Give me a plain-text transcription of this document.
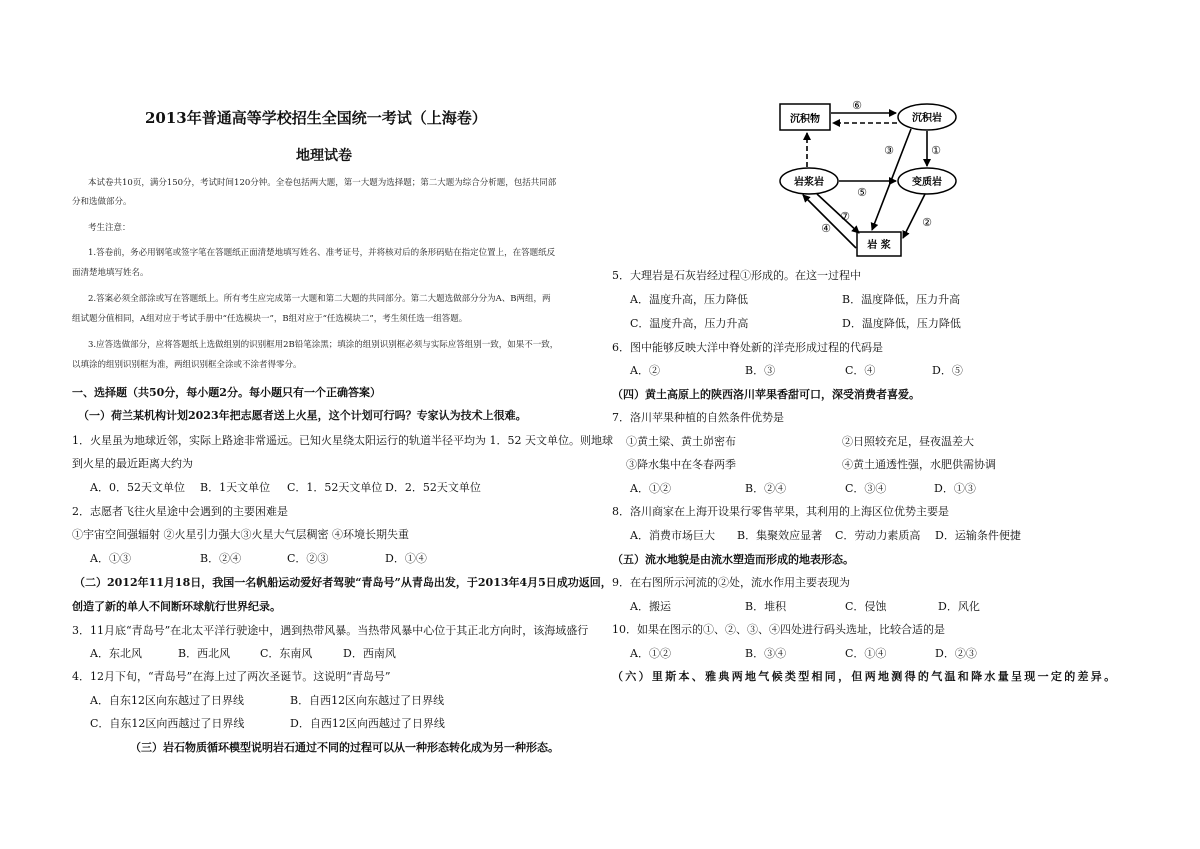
2013年普通高等学校招生全国统一考试（上海卷）
地理试卷
本试卷共10页，满分150分，考试时间120分钟。全卷包括两大题，第一大题为选择题；第二大题为综合分析题，包括共同部
分和选做部分。
考生注意：
1.答卷前，务必用钢笔或签字笔在答题纸正面清楚地填写姓名、准考证号，并将核对后的条形码贴在指定位置上，在答题纸反
面清楚地填写姓名。
2.答案必须全部涂或写在答题纸上。所有考生应完成第一大题和第二大题的共同部分。第二大题选做部分分为A、B两组，两
组试题分值相同，A组对应于考试手册中“任选模块一”，B组对应于“任选模块二”，考生须任选一组答题。
3.应答选做部分，应将答题纸上选做组别的识别框用2B铅笔涂黑；填涂的组别识别框必须与实际应答组别一致，如果不一致，
以填涂的组别识别框为准，两组识别框全涂或不涂者得零分。
一、选择题（共50分，每小题2分。每小题只有一个正确答案）
（一）荷兰某机构计划2023年把志愿者送上火星，这个计划可行吗？专家认为技术上很难。
1．火星虽为地球近邻，实际上路途非常遥远。已知火星绕太阳运行的轨道半径平均为 1．52 天文单位。则地球
到火星的最近距离大约为
A．0．52天文单位 B．1天文单位 C．1．52天文单位 D．2．52天文单位
2．志愿者飞往火星途中会遇到的主要困难是
①宇宙空间强辐射 ②火星引力强大③火星大气层稠密 ④环境长期失重
A．①③	B．②④	C．②③	D．①④
（二）2012年11月18日，我国一名帆船运动爱好者驾驶“青岛号”从青岛出发，于2013年4月5日成功返回，
创造了新的单人不间断环球航行世界纪录。
3．11月底“青岛号”在北太平洋行驶途中，遇到热带风暴。当热带风暴中心位于其正北方向时，该海域盛行
A．东北风	B．西北风	C．东南风	D．西南风
4．12月下旬，“青岛号”在海上过了两次圣诞节。这说明“青岛号”
A．自东12区向东越过了日界线	B．自西12区向东越过了日界线
C．自东12区向西越过了日界线	D．自西12区向西越过了日界线
（三）岩石物质循环模型说明岩石通过不同的过程可以从一种形态转化成为另一种形态。
沉积物	沉积岩
岩浆岩	变质岩
岩 浆
⑥
①
③
⑤
②
⑦
④
5．大理岩是石灰岩经过程①形成的。在这一过程中
A．温度升高，压力降低	B．温度降低，压力升高
C．温度升高，压力升高	D．温度降低，压力降低
6．图中能够反映大洋中脊处新的洋壳形成过程的代码是
A．②	B．③	C．④	D．⑤
（四）黄土高原上的陕西洛川苹果香甜可口，深受消费者喜爱。
7．洛川苹果种植的自然条件优势是
①黄土梁、黄土峁密布	②日照较充足，昼夜温差大
③降水集中在冬春两季	④黄土通透性强，水肥供需协调
A．①②	B．②④	C．③④	D．①③
8．洛川商家在上海开设果行零售苹果，其利用的上海区位优势主要是
A．消费市场巨大 B．集聚效应显著 C．劳动力素质高 D．运输条件便捷
（五）流水地貌是由流水塑造而形成的地表形态。
9．在右图所示河流的②处，流水作用主要表现为
A．搬运	B．堆积	C．侵蚀	D．风化
10．如果在图示的①、②、③、④四处进行码头选址，比较合适的是
A．①②	B．③④	C．①④	D．②③
（六）里斯本、雅典两地气候类型相同，但两地测得的气温和降水量呈现一定的差异。
